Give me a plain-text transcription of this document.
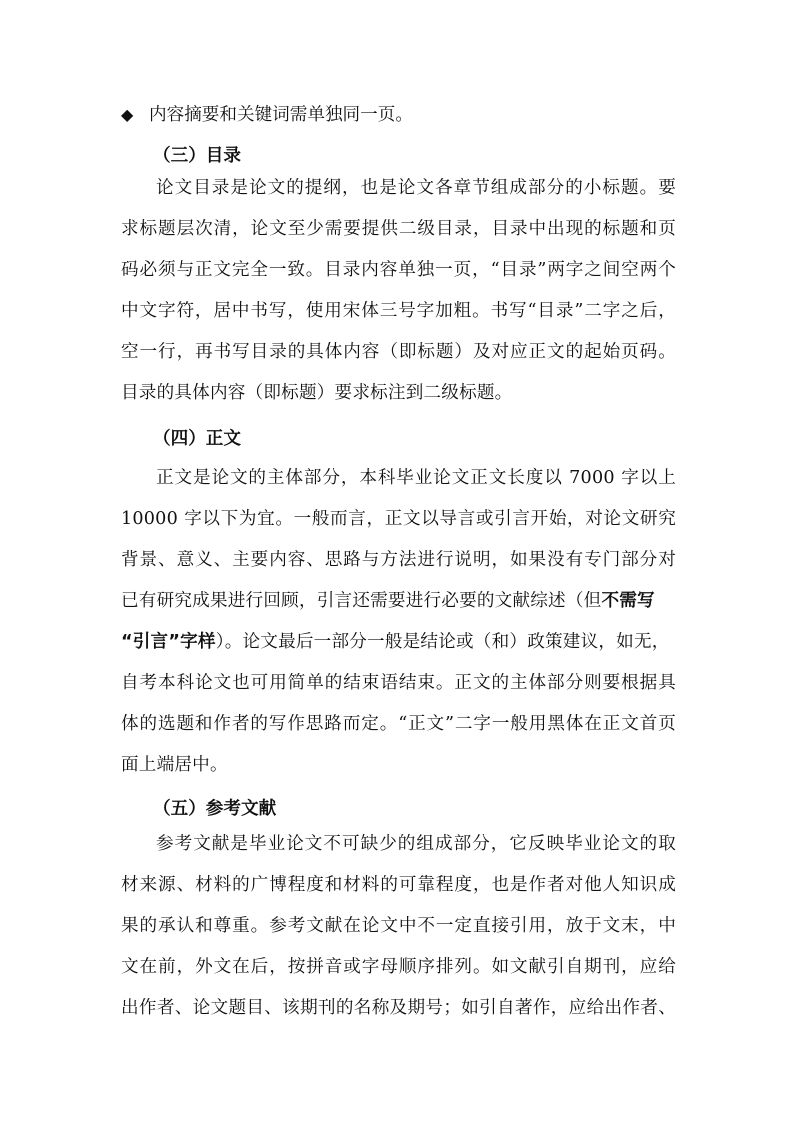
◆ 内容摘要和关键词需单独同一页。
（三）目录
论文目录是论文的提纲，也是论文各章节组成部分的小标题。要
求标题层次清，论文至少需要提供二级目录，目录中出现的标题和页
码必须与正文完全一致。目录内容单独一页，“目录”两字之间空两个
中文字符，居中书写，使用宋体三号字加粗。书写“目录”二字之后，
空一行，再书写目录的具体内容（即标题）及对应正文的起始页码。
目录的具体内容（即标题）要求标注到二级标题。
（四）正文
正文是论文的主体部分，本科毕业论文正文长度以 7000 字以上
10000 字以下为宜。一般而言，正文以导言或引言开始，对论文研究
背景、意义、主要内容、思路与方法进行说明，如果没有专门部分对
已有研究成果进行回顾，引言还需要进行必要的文献综述（但不需写
“引言”字样）。论文最后一部分一般是结论或（和）政策建议，如无，
自考本科论文也可用简单的结束语结束。正文的主体部分则要根据具
体的选题和作者的写作思路而定。“正文”二字一般用黑体在正文首页
面上端居中。
（五）参考文献
参考文献是毕业论文不可缺少的组成部分，它反映毕业论文的取
材来源、材料的广博程度和材料的可靠程度，也是作者对他人知识成
果的承认和尊重。参考文献在论文中不一定直接引用，放于文末，中
文在前，外文在后，按拼音或字母顺序排列。如文献引自期刊，应给
出作者、论文题目、该期刊的名称及期号；如引自著作，应给出作者、
